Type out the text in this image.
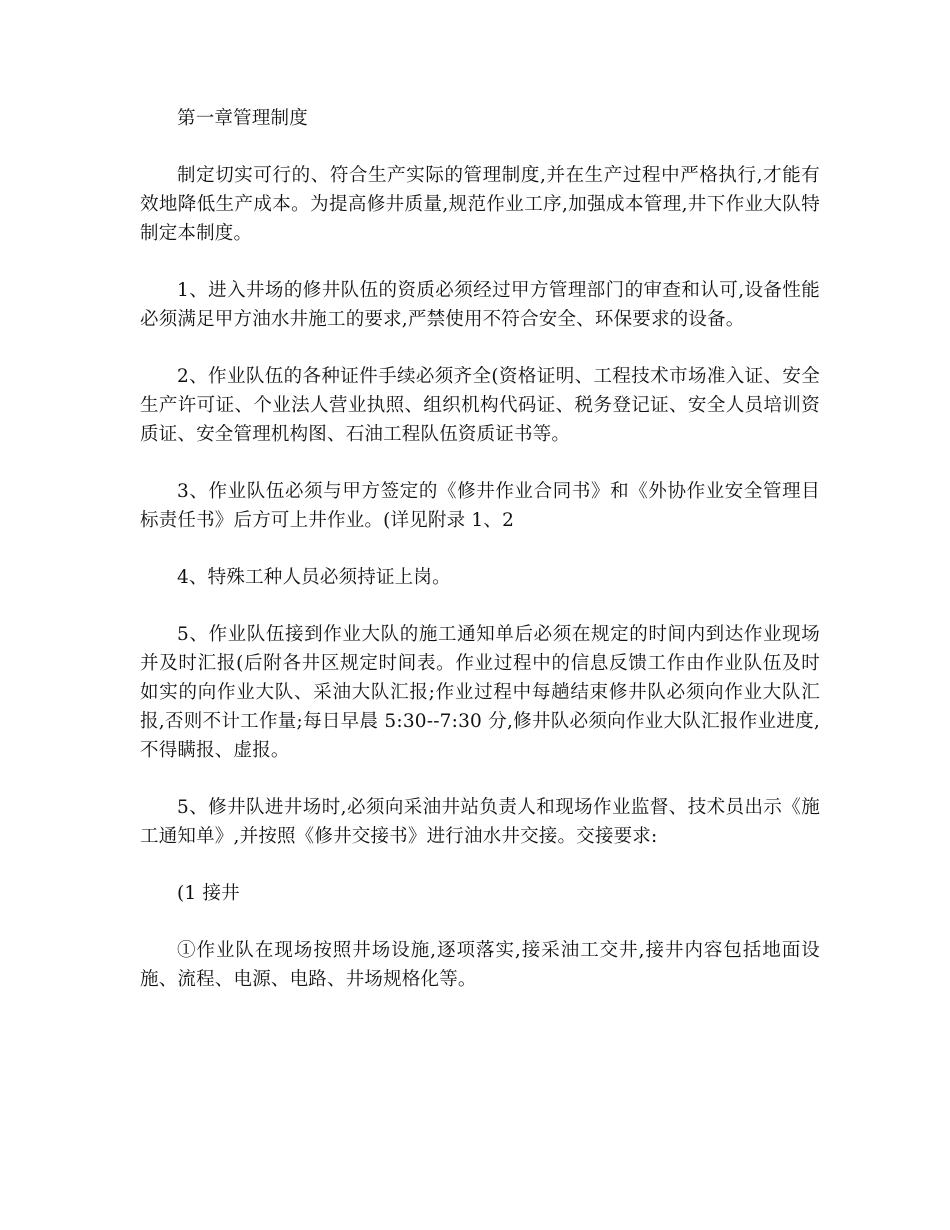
第一章管理制度

制定切实可行的、符合生产实际的管理制度,并在生产过程中严格执行,才能有效地降低生产成本。为提高修井质量,规范作业工序,加强成本管理,井下作业大队特制定本制度。

1、进入井场的修井队伍的资质必须经过甲方管理部门的审查和认可,设备性能必须满足甲方油水井施工的要求,严禁使用不符合安全、环保要求的设备。

2、作业队伍的各种证件手续必须齐全(资格证明、工程技术市场准入证、安全生产许可证、个业法人营业执照、组织机构代码证、税务登记证、安全人员培训资质证、安全管理机构图、石油工程队伍资质证书等。

3、作业队伍必须与甲方签定的《修井作业合同书》和《外协作业安全管理目标责任书》后方可上井作业。(详见附录 1、2

4、特殊工种人员必须持证上岗。

5、作业队伍接到作业大队的施工通知单后必须在规定的时间内到达作业现场并及时汇报(后附各井区规定时间表。作业过程中的信息反馈工作由作业队伍及时如实的向作业大队、采油大队汇报;作业过程中每趟结束修井队必须向作业大队汇报,否则不计工作量;每日早晨 5:30--7:30 分,修井队必须向作业大队汇报作业进度,不得瞒报、虚报。

5、修井队进井场时,必须向采油井站负责人和现场作业监督、技术员出示《施工通知单》,并按照《修井交接书》进行油水井交接。交接要求:

(1 接井

①作业队在现场按照井场设施,逐项落实,接采油工交井,接井内容包括地面设施、流程、电源、电路、井场规格化等。
